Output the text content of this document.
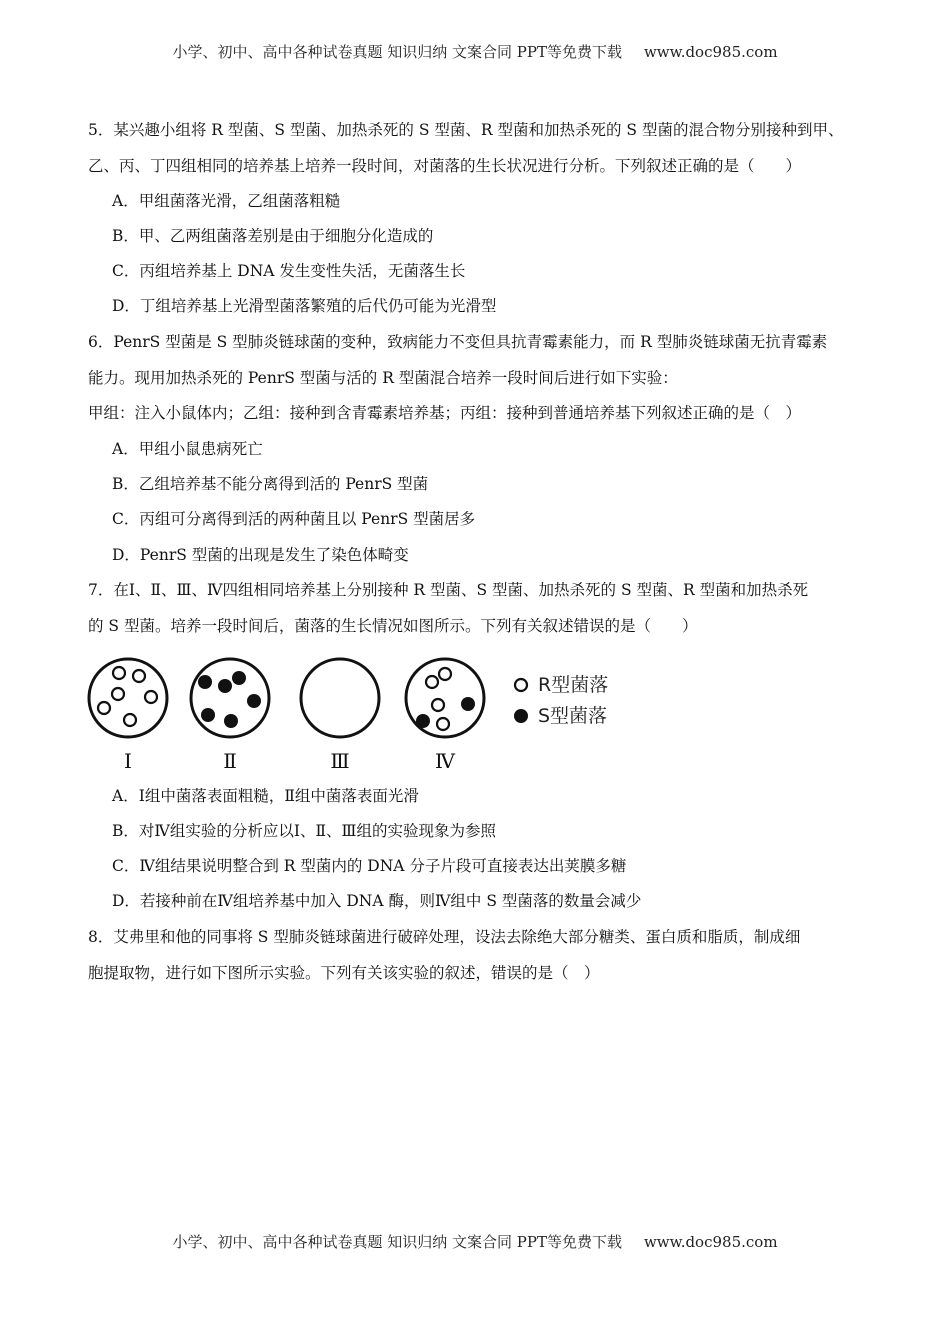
小学、初中、高中各种试卷真题 知识归纳 文案合同 PPT等免费下载 www.doc985.com
5．某兴趣小组将 R 型菌、S 型菌、加热杀死的 S 型菌、R 型菌和加热杀死的 S 型菌的混合物分别接种到甲、
乙、丙、丁四组相同的培养基上培养一段时间，对菌落的生长状况进行分析。下列叙述正确的是（　　）
A．甲组菌落光滑，乙组菌落粗糙
B．甲、乙两组菌落差别是由于细胞分化造成的
C．丙组培养基上 DNA 发生变性失活，无菌落生长
D．丁组培养基上光滑型菌落繁殖的后代仍可能为光滑型
6．PenrS 型菌是 S 型肺炎链球菌的变种，致病能力不变但具抗青霉素能力，而 R 型肺炎链球菌无抗青霉素
能力。现用加热杀死的 PenrS 型菌与活的 R 型菌混合培养一段时间后进行如下实验：
甲组：注入小鼠体内；乙组：接种到含青霉素培养基；丙组：接种到普通培养基下列叙述正确的是（　）
A．甲组小鼠患病死亡
B．乙组培养基不能分离得到活的 PenrS 型菌
C．丙组可分离得到活的两种菌且以 PenrS 型菌居多
D．PenrS 型菌的出现是发生了染色体畸变
7．在Ⅰ、Ⅱ、Ⅲ、Ⅳ四组相同培养基上分别接种 R 型菌、S 型菌、加热杀死的 S 型菌、R 型菌和加热杀死
的 S 型菌。培养一段时间后，菌落的生长情况如图所示。下列有关叙述错误的是（　　）
Ⅰ	Ⅱ	Ⅲ	Ⅳ
R型菌落
S型菌落
A．Ⅰ组中菌落表面粗糙，Ⅱ组中菌落表面光滑
B．对Ⅳ组实验的分析应以Ⅰ、Ⅱ、Ⅲ组的实验现象为参照
C．Ⅳ组结果说明整合到 R 型菌内的 DNA 分子片段可直接表达出荚膜多糖
D．若接种前在Ⅳ组培养基中加入 DNA 酶，则Ⅳ组中 S 型菌落的数量会减少
8．艾弗里和他的同事将 S 型肺炎链球菌进行破碎处理，设法去除绝大部分糖类、蛋白质和脂质，制成细
胞提取物，进行如下图所示实验。下列有关该实验的叙述，错误的是（　）
小学、初中、高中各种试卷真题 知识归纳 文案合同 PPT等免费下载 www.doc985.com
